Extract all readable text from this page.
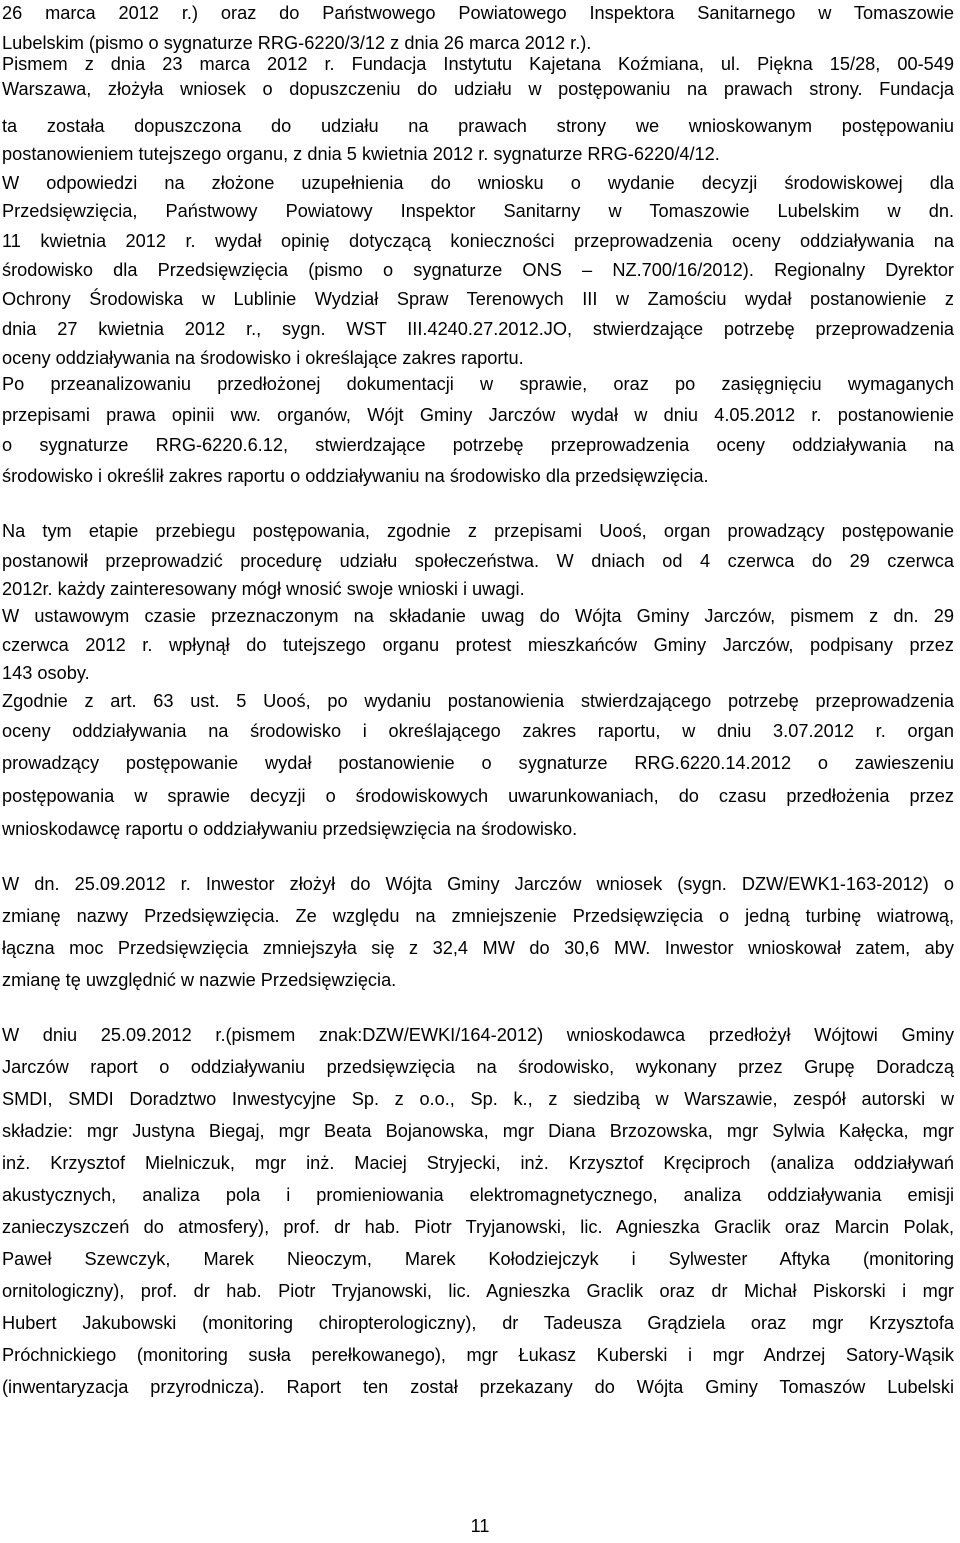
26 marca 2012 r.) oraz do Państwowego Powiatowego Inspektora Sanitarnego w Tomaszowie
Lubelskim (pismo o sygnaturze RRG-6220/3/12 z dnia 26 marca 2012 r.).
Pismem z dnia 23 marca 2012 r. Fundacja Instytutu Kajetana Koźmiana, ul. Piękna 15/28, 00-549
Warszawa, złożyła wniosek o dopuszczeniu do udziału w postępowaniu na prawach strony. Fundacja
ta została dopuszczona do udziału na prawach strony we wnioskowanym postępowaniu
postanowieniem tutejszego organu, z dnia 5 kwietnia 2012 r. sygnaturze RRG-6220/4/12.
W odpowiedzi na złożone uzupełnienia do wniosku o wydanie decyzji środowiskowej dla
Przedsięwzięcia, Państwowy Powiatowy Inspektor Sanitarny w Tomaszowie Lubelskim w dn.
11 kwietnia 2012 r. wydał opinię dotyczącą konieczności przeprowadzenia oceny oddziaływania na
środowisko dla Przedsięwzięcia (pismo o sygnaturze ONS – NZ.700/16/2012). Regionalny Dyrektor
Ochrony Środowiska w Lublinie Wydział Spraw Terenowych III w Zamościu wydał postanowienie z
dnia 27 kwietnia 2012 r., sygn. WST III.4240.27.2012.JO, stwierdzające potrzebę przeprowadzenia
oceny oddziaływania na środowisko i określające zakres raportu.
Po przeanalizowaniu przedłożonej dokumentacji w sprawie, oraz po zasięgnięciu wymaganych
przepisami prawa opinii ww. organów, Wójt Gminy Jarczów wydał w dniu 4.05.2012 r. postanowienie
o sygnaturze RRG-6220.6.12, stwierdzające potrzebę przeprowadzenia oceny oddziaływania na
środowisko i określił zakres raportu o oddziaływaniu na środowisko dla przedsięwzięcia.
Na tym etapie przebiegu postępowania, zgodnie z przepisami Uooś, organ prowadzący postępowanie
postanowił przeprowadzić procedurę udziału społeczeństwa. W dniach od 4 czerwca do 29 czerwca
2012r. każdy zainteresowany mógł wnosić swoje wnioski i uwagi.
W ustawowym czasie przeznaczonym na składanie uwag do Wójta Gminy Jarczów, pismem z dn. 29
czerwca 2012 r. wpłynął do tutejszego organu protest mieszkańców Gminy Jarczów, podpisany przez
143 osoby.
Zgodnie z art. 63 ust. 5 Uooś, po wydaniu postanowienia stwierdzającego potrzebę przeprowadzenia
oceny oddziaływania na środowisko i określającego zakres raportu, w dniu 3.07.2012 r. organ
prowadzący postępowanie wydał postanowienie o sygnaturze RRG.6220.14.2012 o zawieszeniu
postępowania w sprawie decyzji o środowiskowych uwarunkowaniach, do czasu przedłożenia przez
wnioskodawcę raportu o oddziaływaniu przedsięwzięcia na środowisko.
W dn. 25.09.2012 r. Inwestor złożył do Wójta Gminy Jarczów wniosek (sygn. DZW/EWK1-163-2012) o
zmianę nazwy Przedsięwzięcia. Ze względu na zmniejszenie Przedsięwzięcia o jedną turbinę wiatrową,
łączna moc Przedsięwzięcia zmniejszyła się z 32,4 MW do 30,6 MW. Inwestor wnioskował zatem, aby
zmianę tę uwzględnić w nazwie Przedsięwzięcia.
W dniu 25.09.2012 r.(pismem znak:DZW/EWKI/164-2012) wnioskodawca przedłożył Wójtowi Gminy
Jarczów raport o oddziaływaniu przedsięwzięcia na środowisko, wykonany przez Grupę Doradczą
SMDI, SMDI Doradztwo Inwestycyjne Sp. z o.o., Sp. k., z siedzibą w Warszawie, zespół autorski w
składzie: mgr Justyna Biegaj, mgr Beata Bojanowska, mgr Diana Brzozowska, mgr Sylwia Kałęcka, mgr
inż. Krzysztof Mielniczuk, mgr inż. Maciej Stryjecki, inż. Krzysztof Kręciproch (analiza oddziaływań
akustycznych, analiza pola i promieniowania elektromagnetycznego, analiza oddziaływania emisji
zanieczyszczeń do atmosfery), prof. dr hab. Piotr Tryjanowski, lic. Agnieszka Graclik oraz Marcin Polak,
Paweł Szewczyk, Marek Nieoczym, Marek Kołodziejczyk i Sylwester Aftyka (monitoring
ornitologiczny), prof. dr hab. Piotr Tryjanowski, lic. Agnieszka Graclik oraz dr Michał Piskorski i mgr
Hubert Jakubowski (monitoring chiropterologiczny), dr Tadeusza Grądziela oraz mgr Krzysztofa
Próchnickiego (monitoring susła perełkowanego), mgr Łukasz Kuberski i mgr Andrzej Satory-Wąsik
(inwentaryzacja przyrodnicza). Raport ten został przekazany do Wójta Gminy Tomaszów Lubelski
11
